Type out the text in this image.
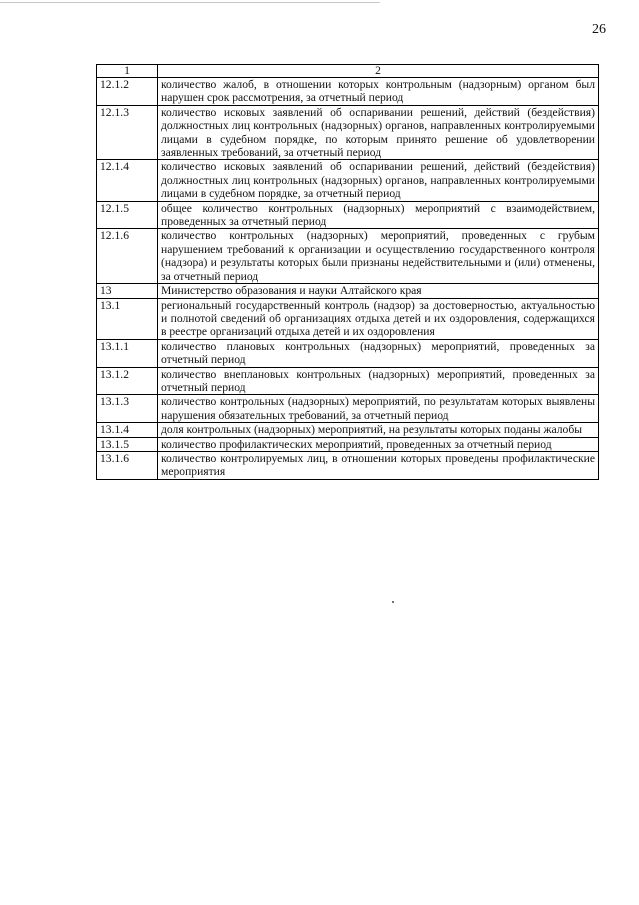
26
1	2
12.1.2	количество жалоб, в отношении которых контрольным (надзорным) органом был нарушен срок рассмотрения, за отчетный период
12.1.3	количество исковых заявлений об оспаривании решений, действий (бездействия) должностных лиц контрольных (надзорных) органов, направленных контролируемыми лицами в судебном порядке, по которым принято решение об удовлетворении заявленных требований, за отчетный период
12.1.4	количество исковых заявлений об оспаривании решений, действий (бездействия) должностных лиц контрольных (надзорных) органов, направленных контролируемыми лицами в судебном порядке, за отчетный период
12.1.5	общее количество контрольных (надзорных) мероприятий с взаимодействием, проведенных за отчетный период
12.1.6	количество контрольных (надзорных) мероприятий, проведенных с грубым нарушением требований к организации и осуществлению государственного контроля (надзора) и результаты которых были признаны недействительными и (или) отменены, за отчетный период
13	Министерство образования и науки Алтайского края
13.1	региональный государственный контроль (надзор) за достоверностью, актуальностью и полнотой сведений об организациях отдыха детей и их оздоровления, содержащихся в реестре организаций отдыха детей и их оздоровления
13.1.1	количество плановых контрольных (надзорных) мероприятий, проведенных за отчетный период
13.1.2	количество внеплановых контрольных (надзорных) мероприятий, проведенных за отчетный период
13.1.3	количество контрольных (надзорных) мероприятий, по результатам которых выявлены нарушения обязательных требований, за отчетный период
13.1.4	доля контрольных (надзорных) мероприятий, на результаты которых поданы жалобы
13.1.5	количество профилактических мероприятий, проведенных за отчетный период
13.1.6	количество контролируемых лиц, в отношении которых проведены профилактические мероприятия
